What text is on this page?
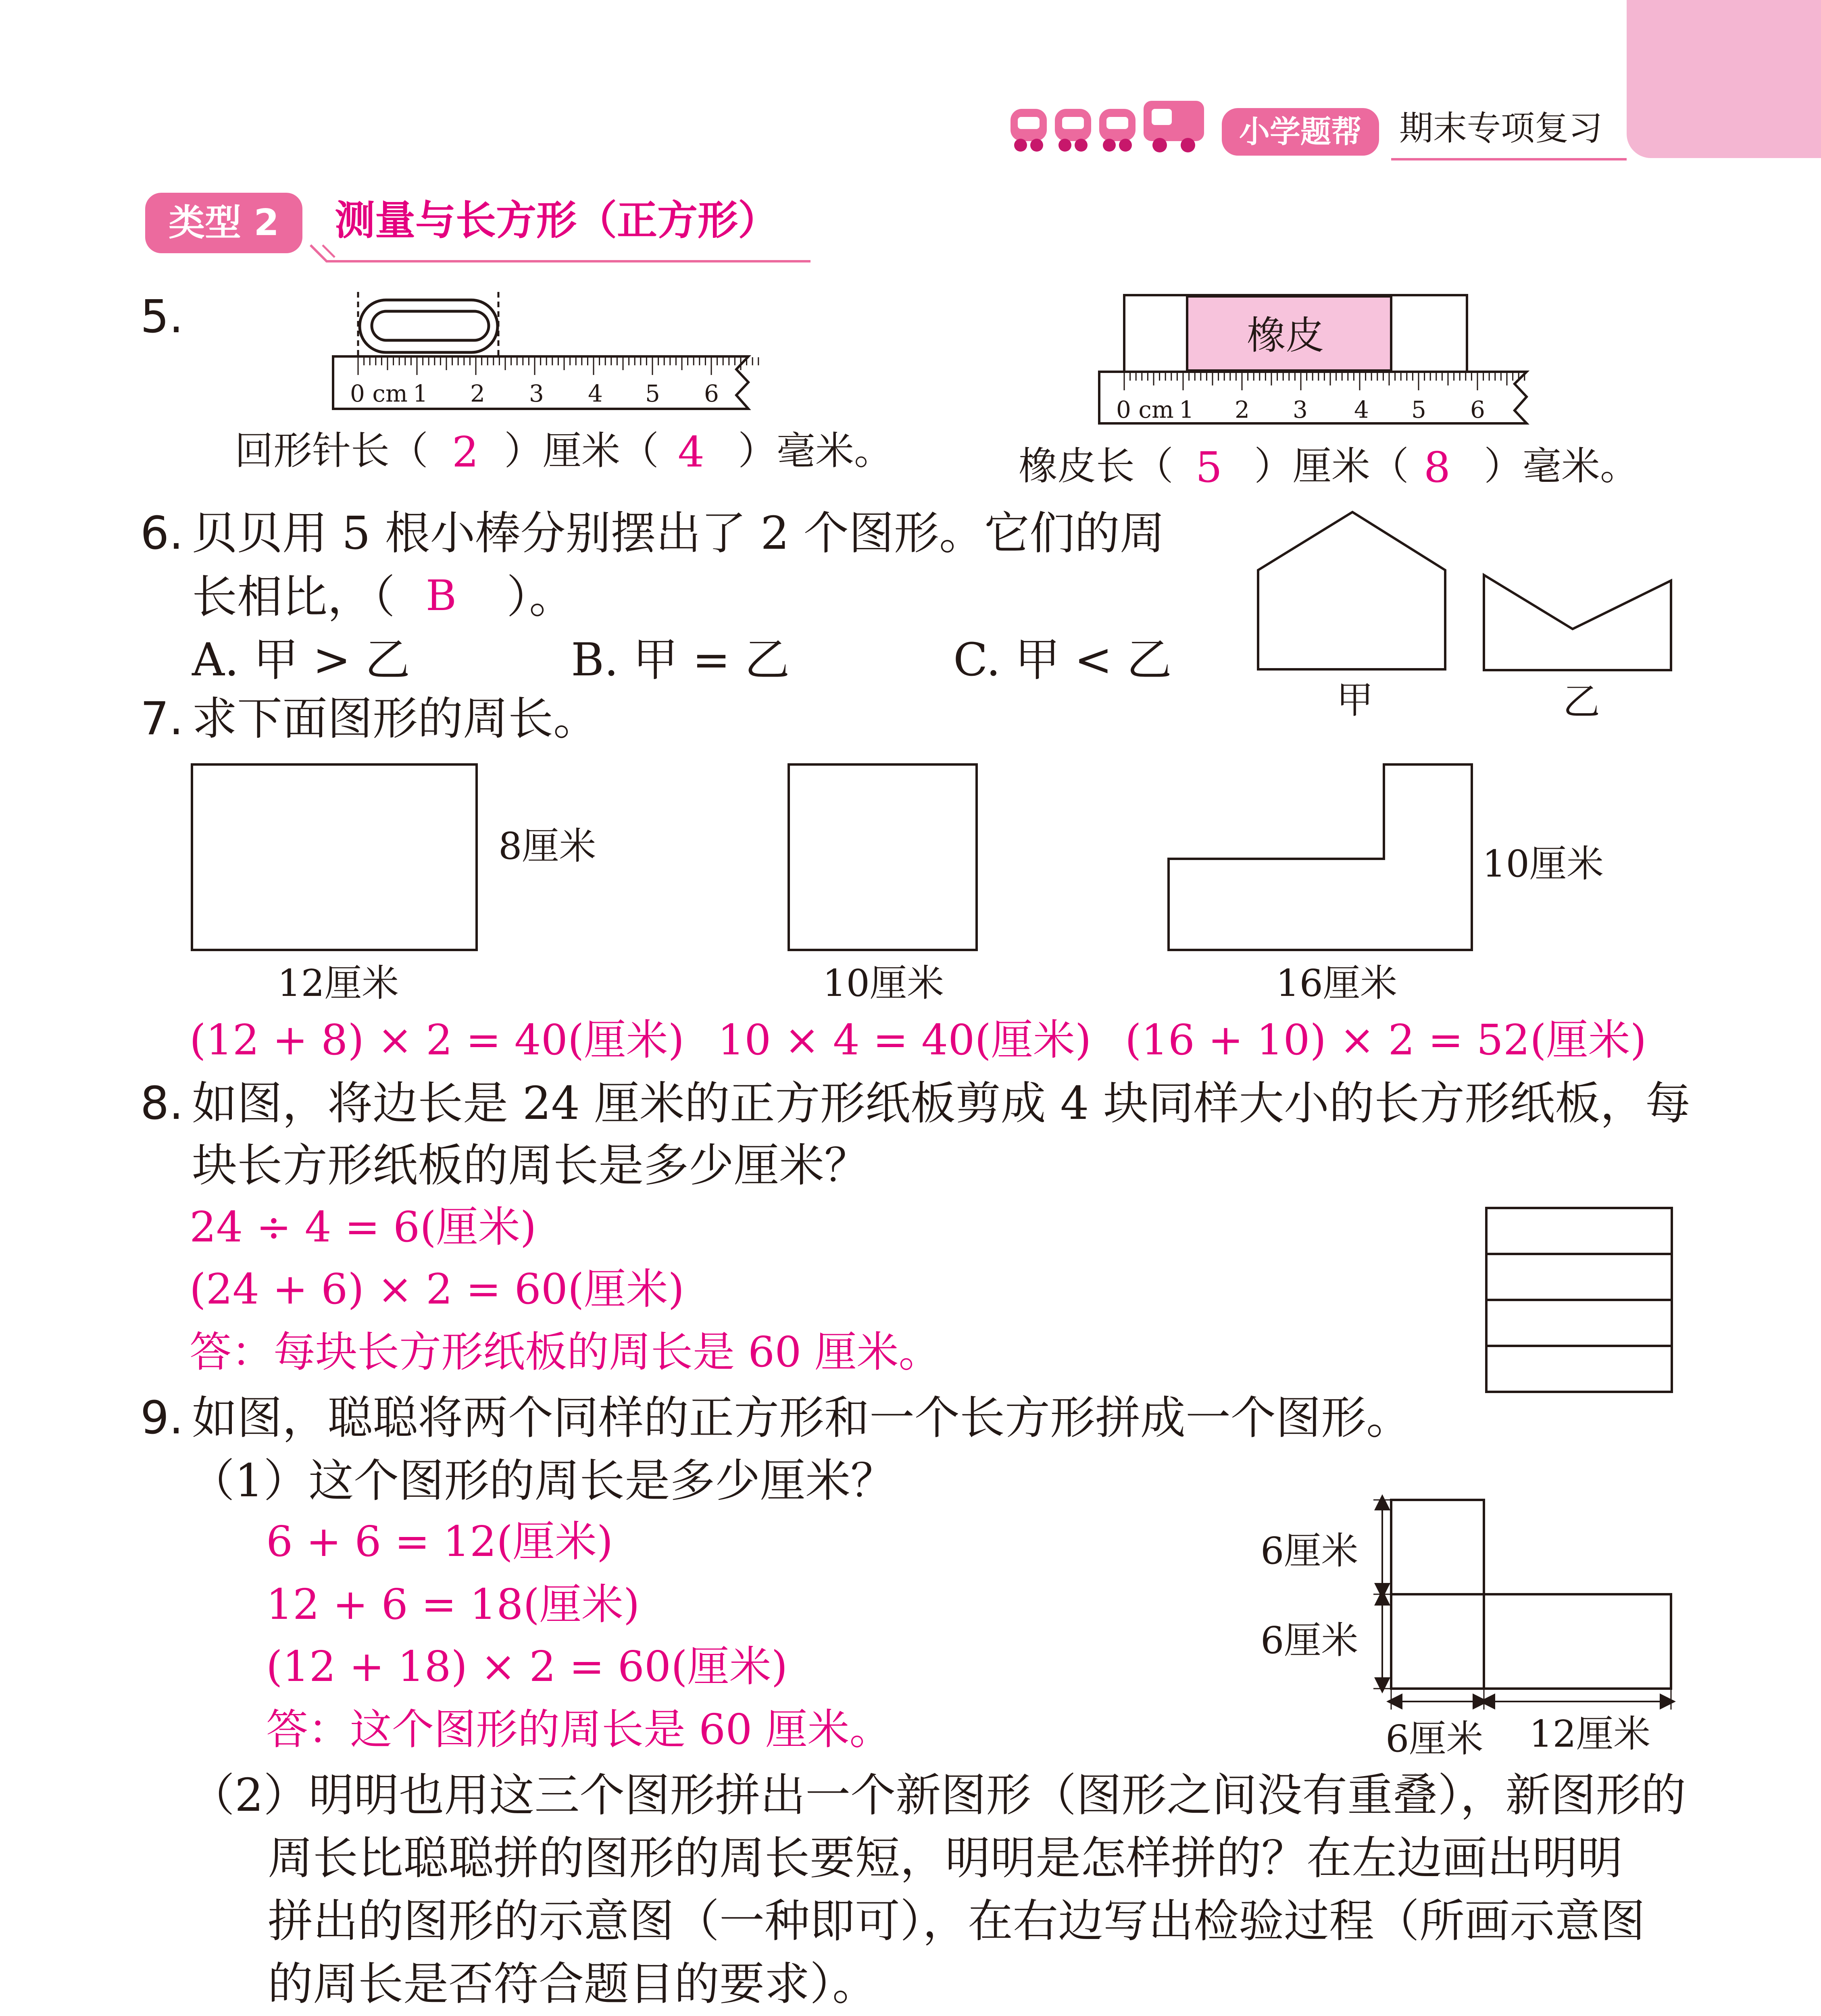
小学题帮	期末专项复习
类型 2	测量与长方形（正方形）
5.
0 cm 1 2 3 4 5 6
回形针长（ 2 ）厘米（ 4 ）毫米。
橡皮
0 cm 1 2 3 4 5 6
橡皮长（ 5 ）厘米（ 8 ）毫米。
6. 贝贝用 5 根小棒分别摆出了 2 个图形。它们的周
长相比，（ B ）。
A. 甲 > 乙	B. 甲 = 乙	C. 甲 < 乙
甲	乙
7. 求下面图形的周长。
8厘米
12厘米	10厘米
10厘米
16厘米
(12 + 8) × 2 = 40(厘米) 10 × 4 = 40(厘米) (16 + 10) × 2 = 52(厘米)
8. 如图，将边长是 24 厘米的正方形纸板剪成 4 块同样大小的长方形纸板，每
块长方形纸板的周长是多少厘米？
24 ÷ 4 = 6(厘米)
(24 + 6) × 2 = 60(厘米)
答：每块长方形纸板的周长是 60 厘米。
9. 如图，聪聪将两个同样的正方形和一个长方形拼成一个图形。
（1）这个图形的周长是多少厘米？
6 + 6 = 12(厘米)
12 + 6 = 18(厘米)
(12 + 18) × 2 = 60(厘米)
答：这个图形的周长是 60 厘米。
6厘米
6厘米
6厘米 12厘米
（2）明明也用这三个图形拼出一个新图形（图形之间没有重叠），新图形的
周长比聪聪拼的图形的周长要短，明明是怎样拼的？在左边画出明明
拼出的图形的示意图（一种即可），在右边写出检验过程（所画示意图
的周长是否符合题目的要求）。
